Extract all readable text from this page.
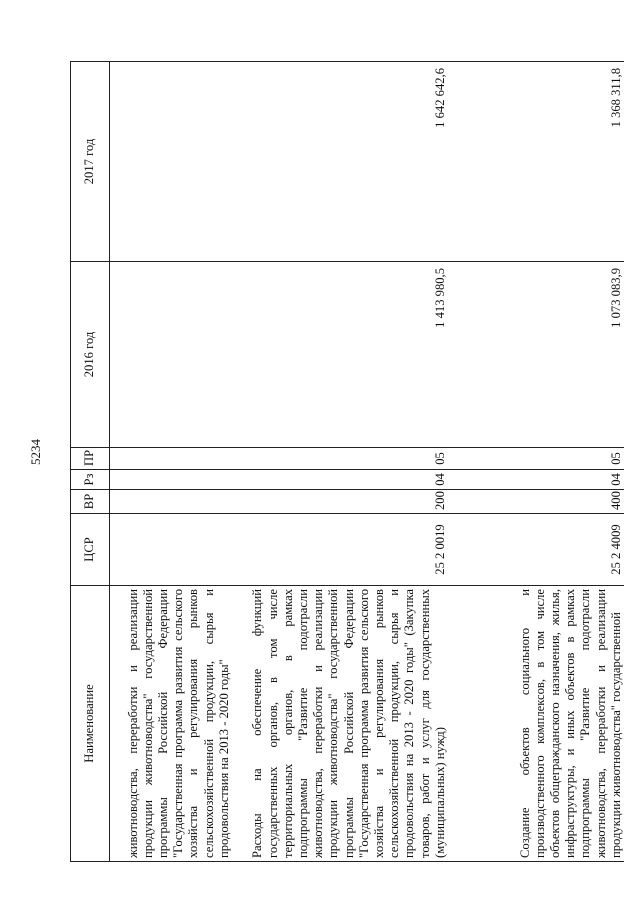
5234
Наименование	ЦСР	ВР	Рз	ПР	2016 год	2017 год
животноводства, переработки и реализации продукции животноводства" государственной программы Российской Федерации "Государственная программа развития сельского хозяйства и регулирования рынков сельскохозяйственной продукции, сырья и продовольствия на 2013 - 2020 годы"						
Расходы на обеспечение функций государственных органов, в том числе территориальных органов, в рамках подпрограммы "Развитие подотрасли животноводства, переработки и реализации продукции животноводства" государственной программы Российской Федерации "Государственная программа развития сельского хозяйства и регулирования рынков сельскохозяйственной продукции, сырья и продовольствия на 2013 - 2020 годы" (Закупка товаров, работ и услуг для государственных (муниципальных) нужд)	25 2 0019	200	04	05	1 413 980,5	1 642 642,6
Создание объектов социального и производственного комплексов, в том числе объектов общегражданского назначения, жилья, инфраструктуры, и иных объектов в рамках подпрограммы "Развитие подотрасли животноводства, переработки и реализации продукции животноводства" государственной	25 2 4009	400	04	05	1 073 083,9	1 368 311,8
